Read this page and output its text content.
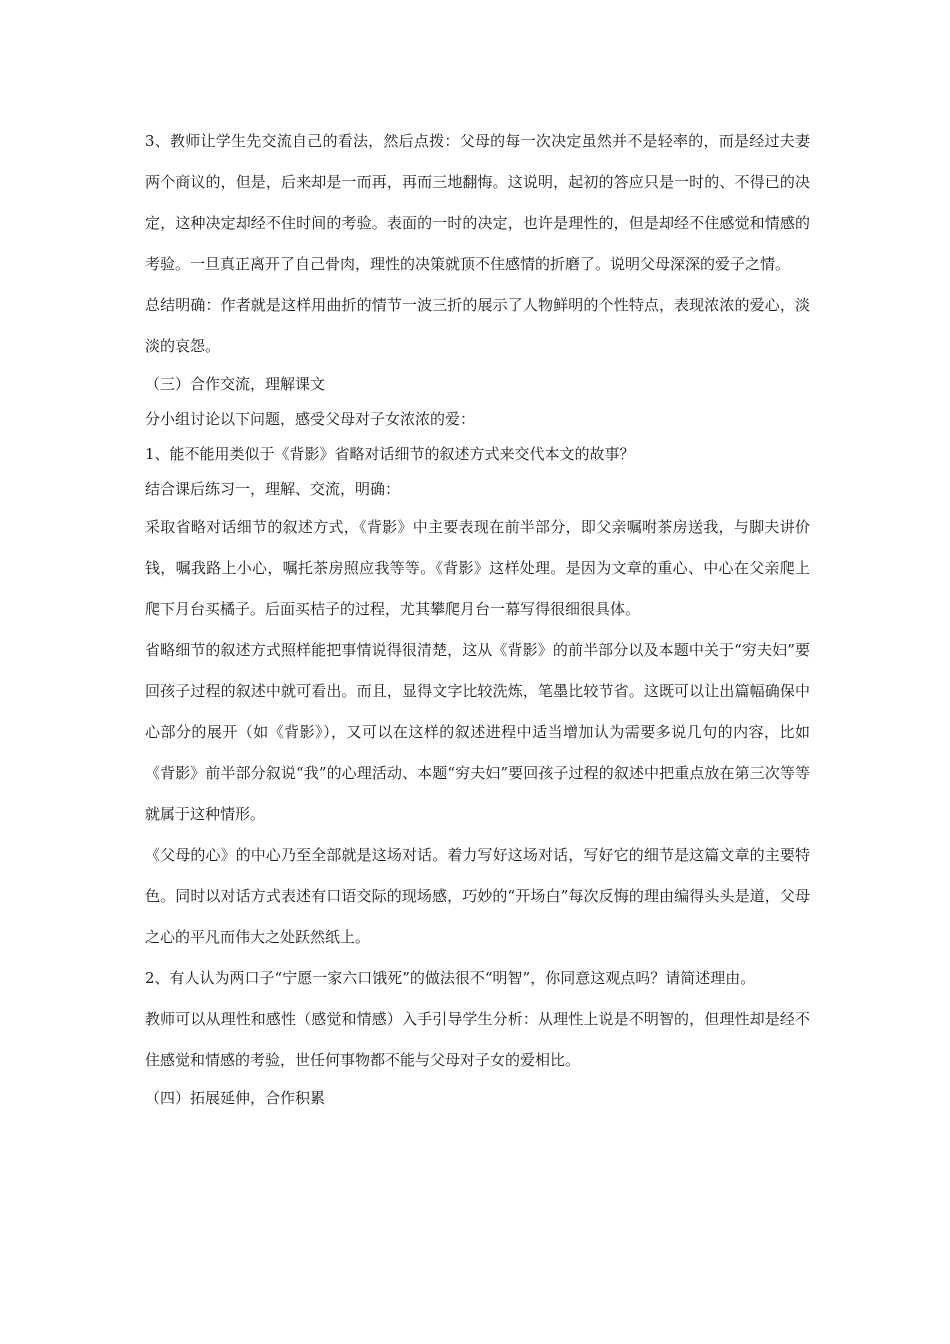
3、教师让学生先交流自己的看法，然后点拨：父母的每一次决定虽然并不是轻率的，而是经过夫妻两个商议的，但是，后来却是一而再，再而三地翻悔。这说明，起初的答应只是一时的、不得已的决定，这种决定却经不住时间的考验。表面的一时的决定，也许是理性的，但是却经不住感觉和情感的考验。一旦真正离开了自己骨肉，理性的决策就顶不住感情的折磨了。说明父母深深的爱子之情。

总结明确：作者就是这样用曲折的情节一波三折的展示了人物鲜明的个性特点，表现浓浓的爱心，淡淡的哀怨。

（三）合作交流，理解课文

分小组讨论以下问题，感受父母对子女浓浓的爱：

1、能不能用类似于《背影》省略对话细节的叙述方式来交代本文的故事？

结合课后练习一，理解、交流，明确：

采取省略对话细节的叙述方式，《背影》中主要表现在前半部分，即父亲嘱咐茶房送我，与脚夫讲价钱，嘱我路上小心，嘱托茶房照应我等等。《背影》这样处理。是因为文章的重心、中心在父亲爬上爬下月台买橘子。后面买桔子的过程，尤其攀爬月台一幕写得很细很具体。

省略细节的叙述方式照样能把事情说得很清楚，这从《背影》的前半部分以及本题中关于“穷夫妇”要回孩子过程的叙述中就可看出。而且，显得文字比较洗炼，笔墨比较节省。这既可以让出篇幅确保中心部分的展开（如《背影》），又可以在这样的叙述进程中适当增加认为需要多说几句的内容，比如《背影》前半部分叙说“我”的心理活动、本题“穷夫妇”要回孩子过程的叙述中把重点放在第三次等等就属于这种情形。

《父母的心》的中心乃至全部就是这场对话。着力写好这场对话，写好它的细节是这篇文章的主要特色。同时以对话方式表述有口语交际的现场感，巧妙的“开场白”每次反悔的理由编得头头是道，父母之心的平凡而伟大之处跃然纸上。

2、有人认为两口子“宁愿一家六口饿死”的做法很不“明智”，你同意这观点吗？请简述理由。

教师可以从理性和感性（感觉和情感）入手引导学生分析：从理性上说是不明智的，但理性却是经不住感觉和情感的考验，世任何事物都不能与父母对子女的爱相比。

（四）拓展延伸，合作积累
